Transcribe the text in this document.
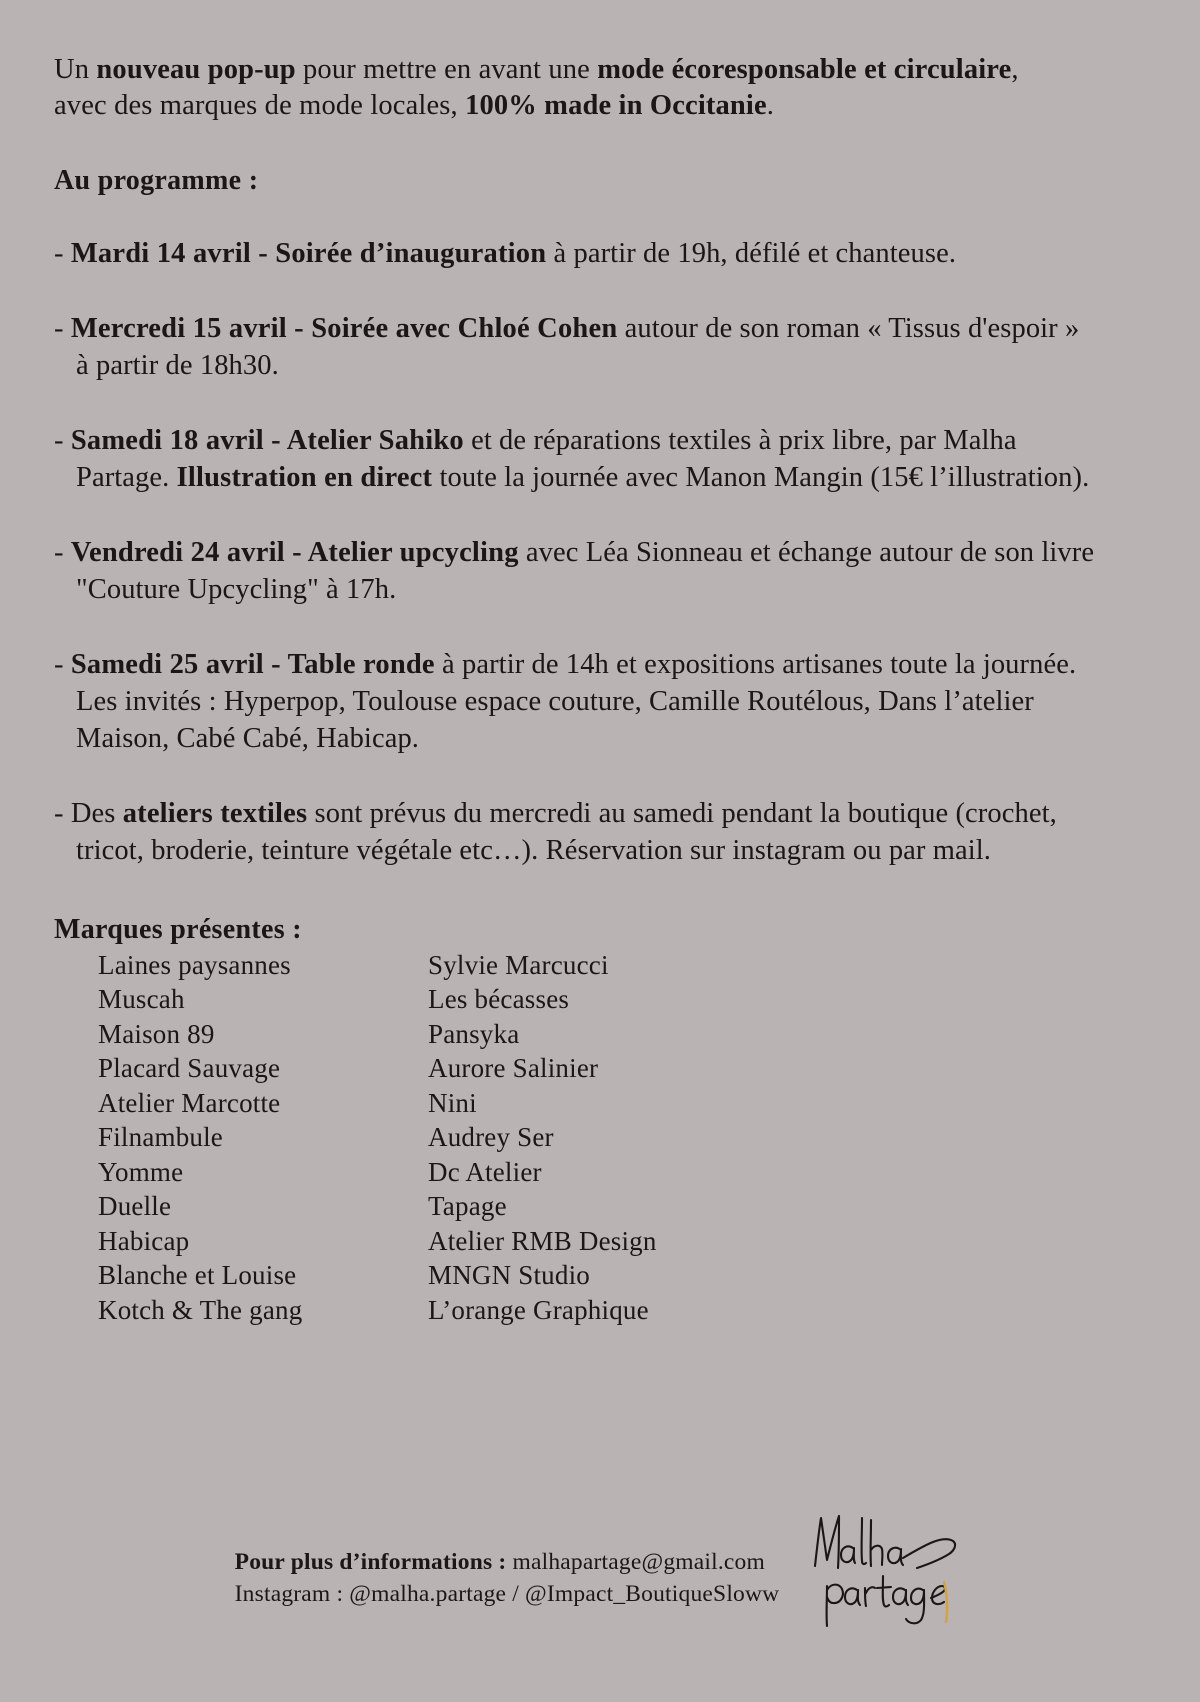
Un nouveau pop-up pour mettre en avant une mode écoresponsable et circulaire, avec des marques de mode locales, 100% made in Occitanie.

Au programme :
- Mardi 14 avril - Soirée d’inauguration à partir de 19h, défilé et chanteuse.
- Mercredi 15 avril - Soirée avec Chloé Cohen autour de son roman « Tissus d'espoir » à partir de 18h30.
- Samedi 18 avril - Atelier Sahiko et de réparations textiles à prix libre, par Malha Partage. Illustration en direct toute la journée avec Manon Mangin (15€ l’illustration).
- Vendredi 24 avril - Atelier upcycling avec Léa Sionneau et échange autour de son livre "Couture Upcycling" à 17h.
- Samedi 25 avril - Table ronde à partir de 14h et expositions artisanes toute la journée. Les invités : Hyperpop, Toulouse espace couture, Camille Routélous, Dans l’atelier Maison, Cabé Cabé, Habicap.
- Des ateliers textiles sont prévus du mercredi au samedi pendant la boutique (crochet, tricot, broderie, teinture végétale etc…). Réservation sur instagram ou par mail.
Marques présentes :
Laines paysannes
Muscah
Maison 89
Placard Sauvage
Atelier Marcotte
Filnambule
Yomme
Duelle
Habicap
Blanche et Louise
Kotch & The gang
Sylvie Marcucci
Les bécasses
Pansyka
Aurore Salinier
Nini
Audrey Ser
Dc Atelier
Tapage
Atelier RMB Design
MNGN Studio
L’orange Graphique
Pour plus d’informations : malhapartage@gmail.com
Instagram : @malha.partage / @Impact_BoutiqueSloww
